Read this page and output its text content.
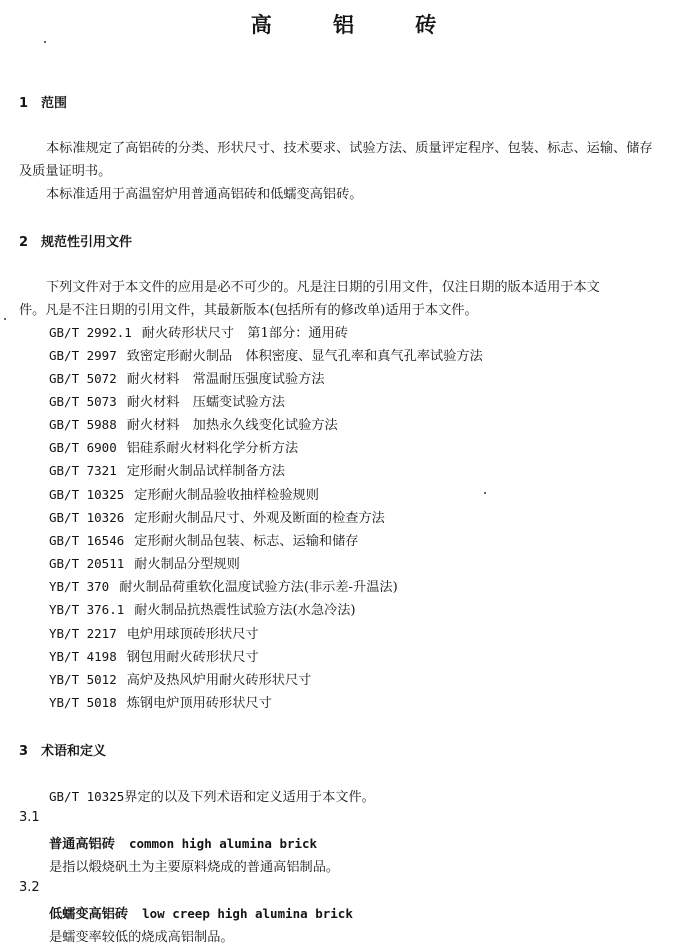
高 铝 砖
1 范围
本标准规定了高铝砖的分类、形状尺寸、技术要求、试验方法、质量评定程序、包装、标志、运输、储存
及质量证明书。
本标准适用于高温窑炉用普通高铝砖和低蠕变高铝砖。
2 规范性引用文件
下列文件对于本文件的应用是必不可少的。凡是注日期的引用文件，仅注日期的版本适用于本文
件。凡是不注日期的引用文件，其最新版本(包括所有的修改单)适用于本文件。
GB/T 2992.1 耐火砖形状尺寸　第1部分：通用砖
GB/T 2997 致密定形耐火制品　体积密度、显气孔率和真气孔率试验方法
GB/T 5072 耐火材料　常温耐压强度试验方法
GB/T 5073 耐火材料　压蠕变试验方法
GB/T 5988 耐火材料　加热永久线变化试验方法
GB/T 6900 铝硅系耐火材料化学分析方法
GB/T 7321 定形耐火制品试样制备方法
GB/T 10325 定形耐火制品验收抽样检验规则
GB/T 10326 定形耐火制品尺寸、外观及断面的检查方法
GB/T 16546 定形耐火制品包装、标志、运输和储存
GB/T 20511 耐火制品分型规则
YB/T 370 耐火制品荷重软化温度试验方法(非示差-升温法)
YB/T 376.1 耐火制品抗热震性试验方法(水急冷法)
YB/T 2217 电炉用球顶砖形状尺寸
YB/T 4198 钢包用耐火砖形状尺寸
YB/T 5012 高炉及热风炉用耐火砖形状尺寸
YB/T 5018 炼钢电炉顶用砖形状尺寸
3 术语和定义
GB/T 10325界定的以及下列术语和定义适用于本文件。
3.1
普通高铝砖 common high alumina brick
是指以煅烧矾土为主要原料烧成的普通高铝制品。
3.2
低蠕变高铝砖 low creep high alumina brick
是蠕变率较低的烧成高铝制品。
